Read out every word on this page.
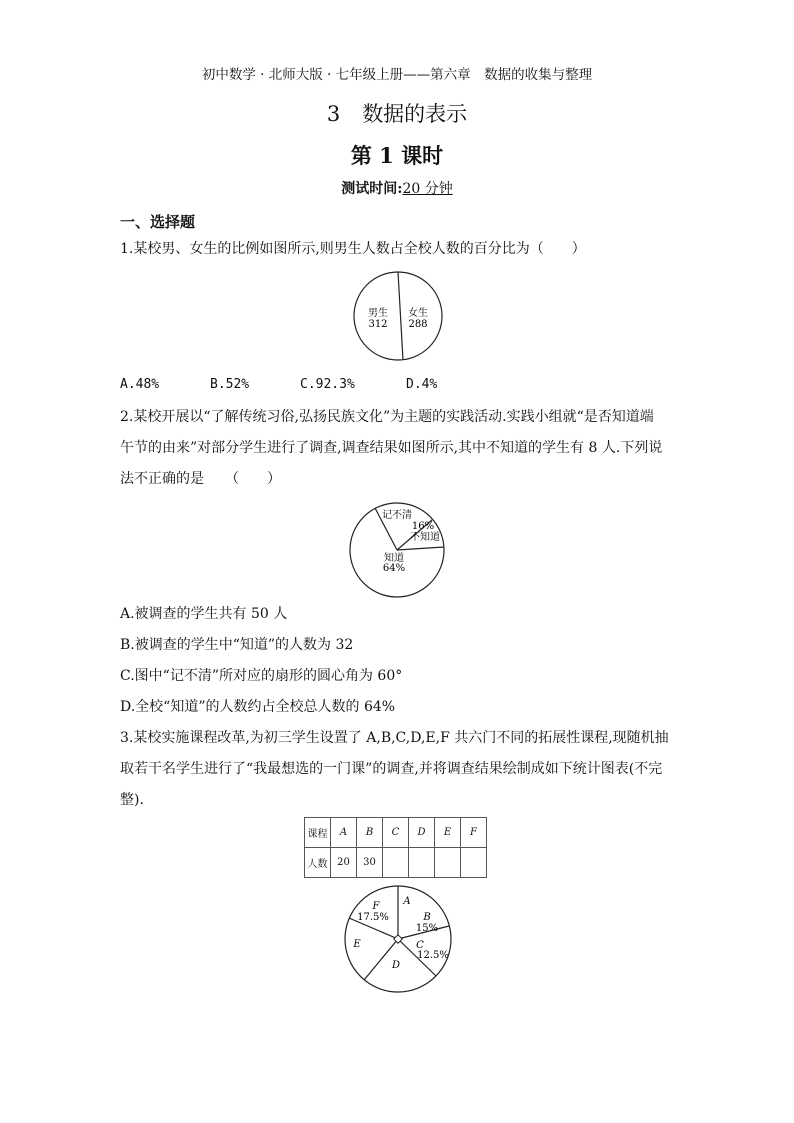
初中数学 · 北师大版 · 七年级上册——第六章　数据的收集与整理
3 数据的表示
第 1 课时
测试时间:20 分钟
一、选择题
1.某校男、女生的比例如图所示,则男生人数占全校人数的百分比为（　　）
男生
312
女生
288
A.48%	B.52%	C.92.3%	D.4%
2.某校开展以“了解传统习俗,弘扬民族文化”为主题的实践活动.实践小组就“是否知道端
午节的由来”对部分学生进行了调查,调查结果如图所示,其中不知道的学生有 8 人.下列说
法不正确的是　　（　　）
记不清
16%
不知道
知道
64%
A.被调查的学生共有 50 人
B.被调查的学生中“知道”的人数为 32
C.图中“记不清”所对应的扇形的圆心角为 60°
D.全校“知道”的人数约占全校总人数的 64%
3.某校实施课程改革,为初三学生设置了 A,B,C,D,E,F 共六门不同的拓展性课程,现随机抽
取若干名学生进行了“我最想选的一门课”的调查,并将调查结果绘制成如下统计图表(不完
整).
课程	A	B	C	D	E	F
人数	20	30				
A
B
15%
C
12.5%
D
E
F
17.5%
